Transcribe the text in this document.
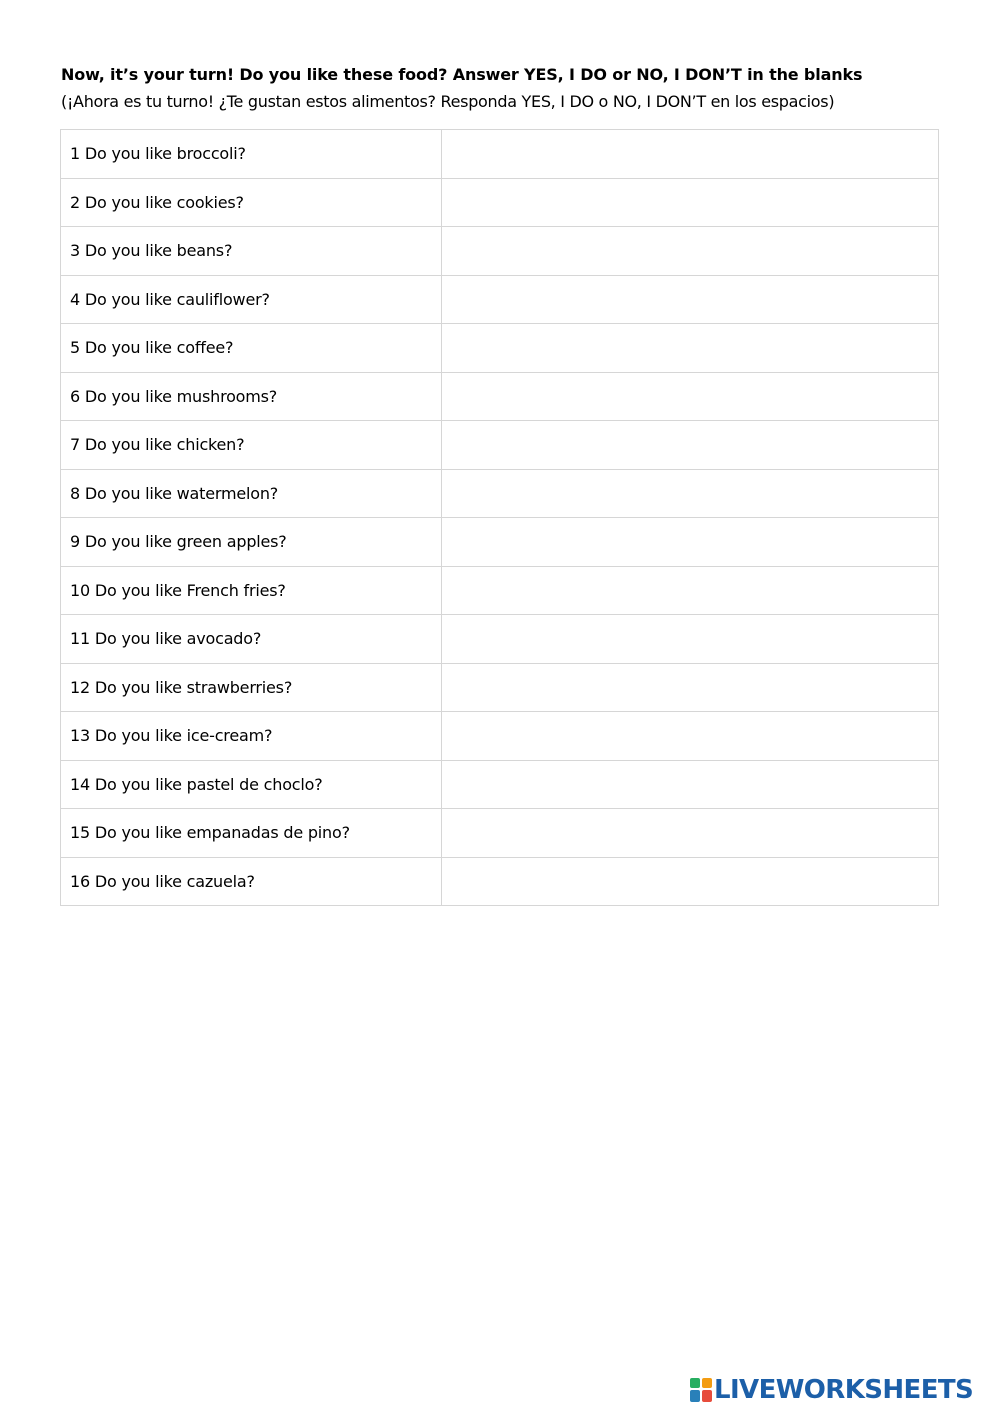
Now, it’s your turn! Do you like these food? Answer YES, I DO or NO, I DON’T in the blanks
(¡Ahora es tu turno! ¿Te gustan estos alimentos? Responda YES, I DO o NO, I DON’T en los espacios)
1 Do you like broccoli?	
2 Do you like cookies?	
3 Do you like beans?	
4 Do you like cauliflower?	
5 Do you like coffee?	
6 Do you like mushrooms?	
7 Do you like chicken?	
8 Do you like watermelon?	
9 Do you like green apples?	
10 Do you like French fries?	
11 Do you like avocado?	
12 Do you like strawberries?	
13 Do you like ice-cream?	
14 Do you like pastel de choclo?	
15 Do you like empanadas de pino?	
16 Do you like cazuela?	
LIVEWORKSHEETS
